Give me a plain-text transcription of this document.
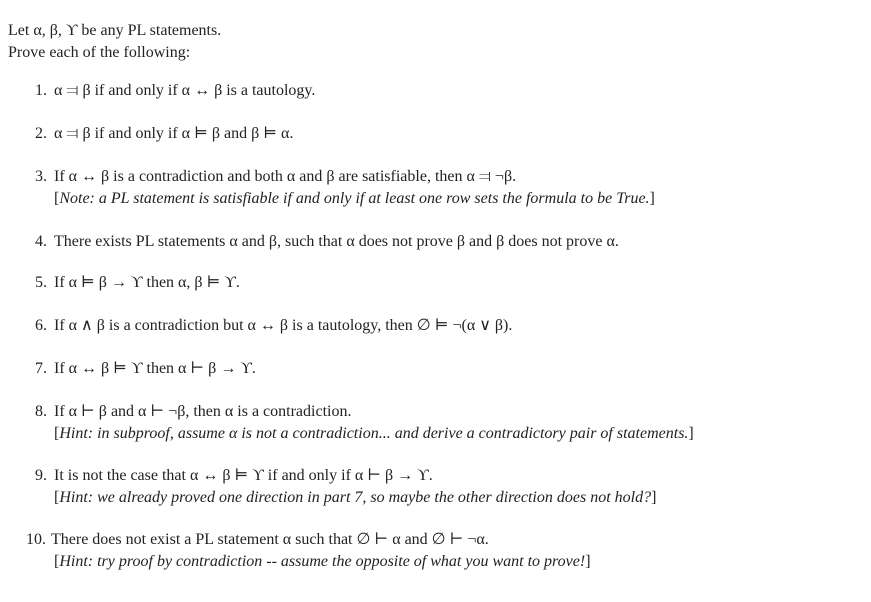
Let α, β, ϒ be any PL statements.
Prove each of the following:
1. α ⫤ β if and only if α ↔ β is a tautology.
2. α ⫤ β if and only if α ⊨ β and β ⊨ α.
3. If α ↔ β is a contradiction and both α and β are satisfiable, then α ⫤ ¬β.
[Note: a PL statement is satisfiable if and only if at least one row sets the formula to be True.]
4. There exists PL statements α and β, such that α does not prove β and β does not prove α.
5. If α ⊨ β → ϒ then α, β ⊨ ϒ.
6. If α ∧ β is a contradiction but α ↔ β is a tautology, then ∅ ⊨ ¬(α ∨ β).
7. If α ↔ β ⊨ ϒ then α ⊢ β → ϒ.
8. If α ⊢ β and α ⊢ ¬β, then α is a contradiction.
[Hint: in subproof, assume α is not a contradiction... and derive a contradictory pair of statements.]
9. It is not the case that α ↔ β ⊨ ϒ if and only if α ⊢ β → ϒ.
[Hint: we already proved one direction in part 7, so maybe the other direction does not hold?]
10. There does not exist a PL statement α such that ∅ ⊢ α and ∅ ⊢ ¬α.
[Hint: try proof by contradiction -- assume the opposite of what you want to prove!]
